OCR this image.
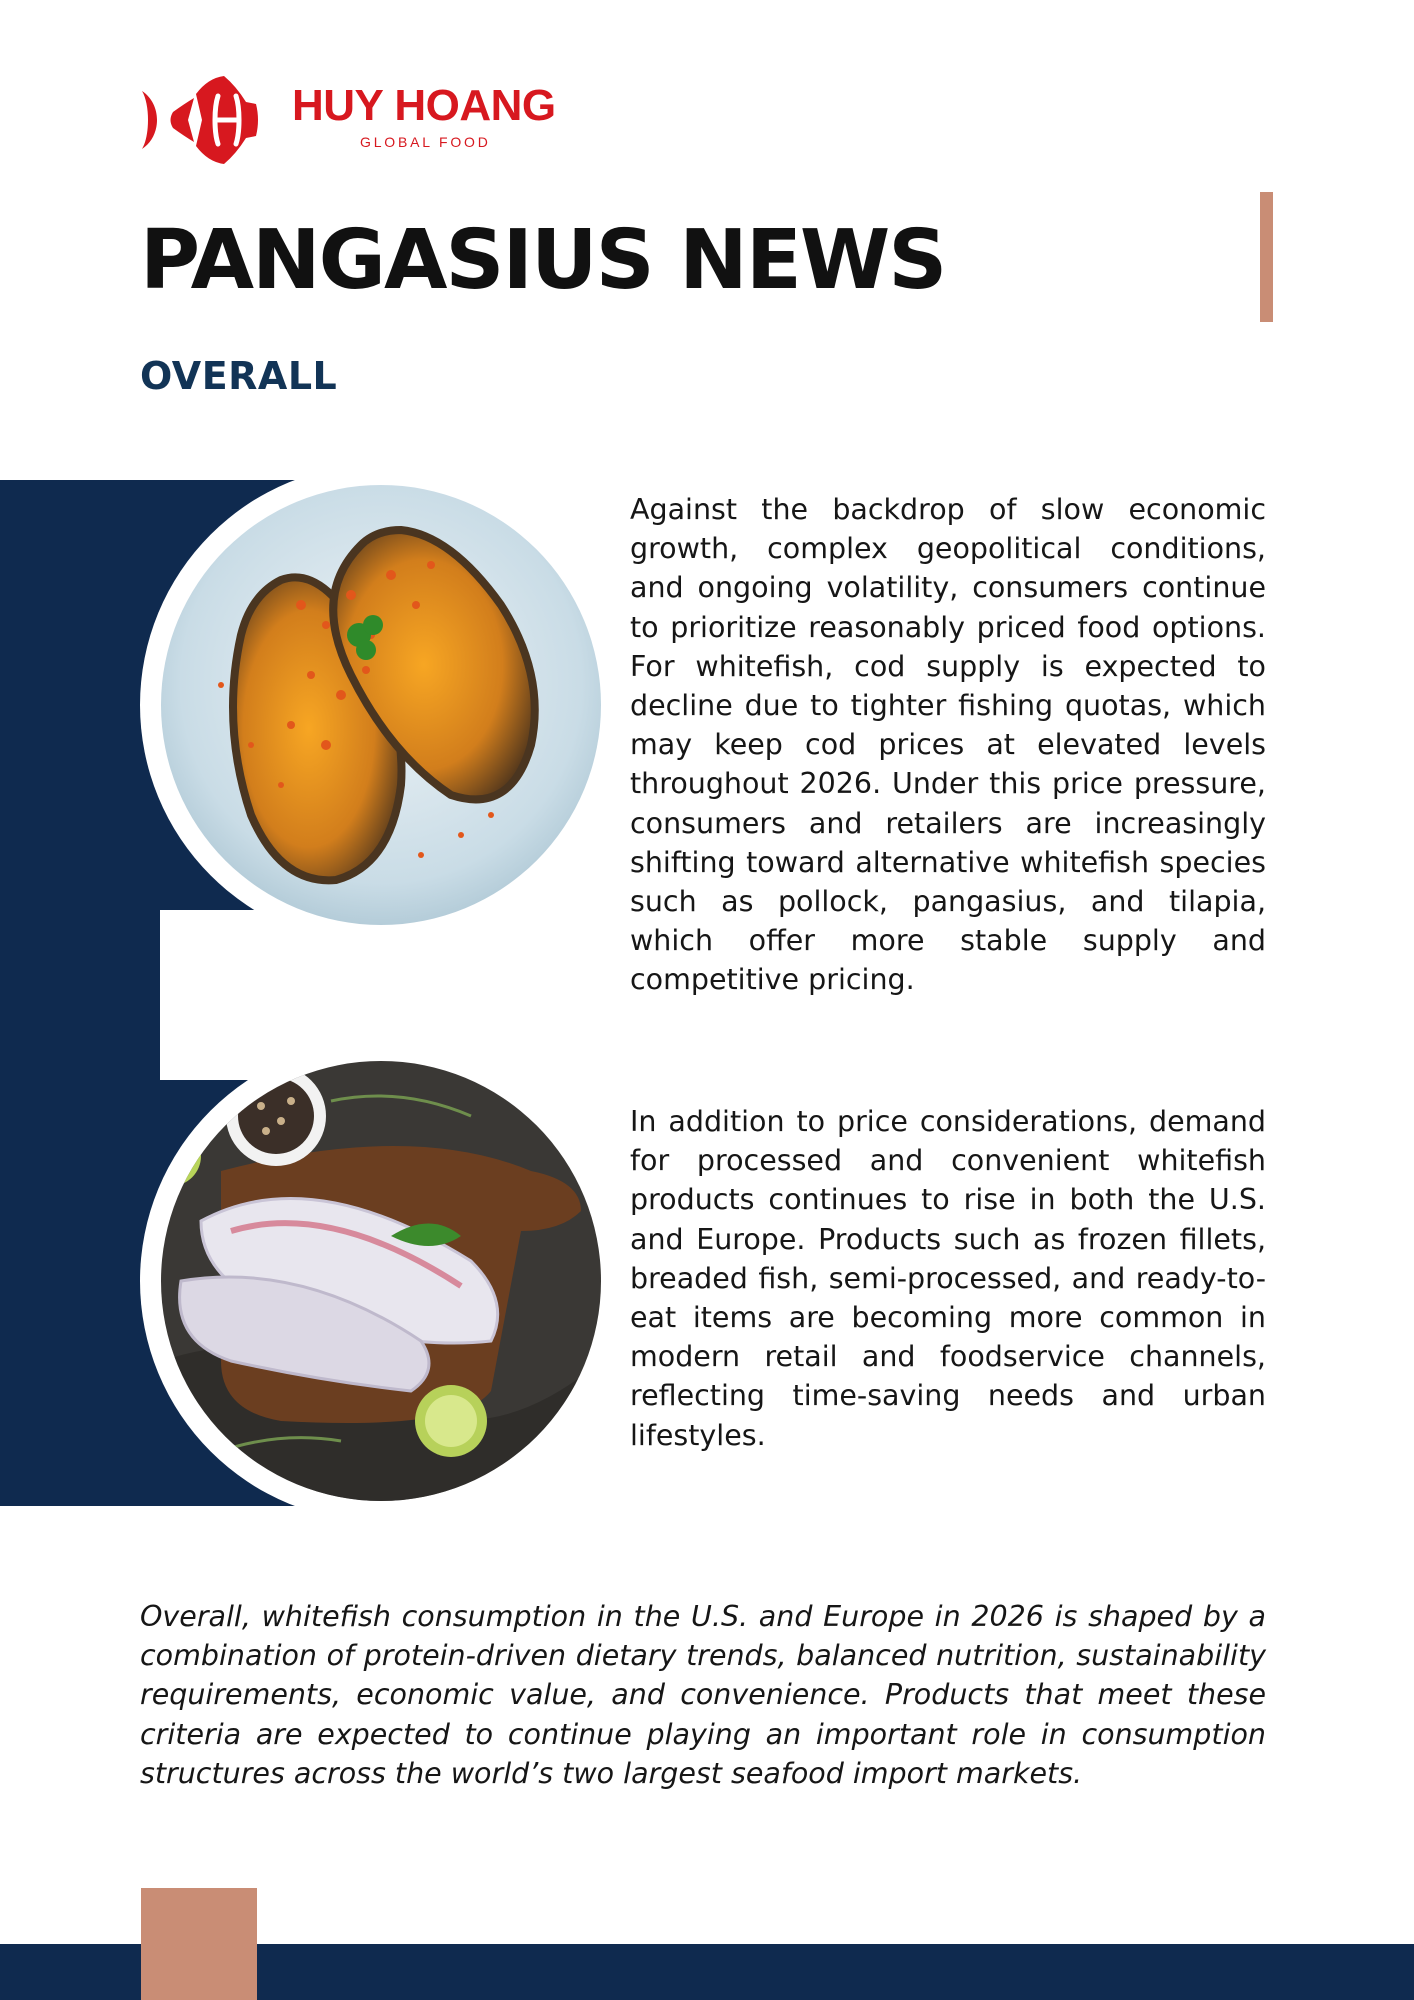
HUY HOANG
GLOBAL FOOD
PANGASIUS NEWS
OVERALL
Against the backdrop of slow economic growth, complex geopolitical conditions, and ongoing volatility, consumers continue to prioritize reasonably priced food options. For whitefish, cod supply is expected to decline due to tighter fishing quotas, which may keep cod prices at elevated levels throughout 2026. Under this price pressure, consumers and retailers are increasingly shifting toward alternative whitefish species such as pollock, pangasius, and tilapia, which offer more stable supply and competitive pricing.
In addition to price considerations, demand for processed and convenient whitefish products continues to rise in both the U.S. and Europe. Products such as frozen fillets, breaded fish, semi-processed, and ready-to-eat items are becoming more common in modern retail and foodservice channels, reflecting time-saving needs and urban lifestyles.
Overall, whitefish consumption in the U.S. and Europe in 2026 is shaped by a combination of protein-driven dietary trends, balanced nutrition, sustainability requirements, economic value, and convenience. Products that meet these criteria are expected to continue playing an important role in consumption structures across the world’s two largest seafood import markets.
